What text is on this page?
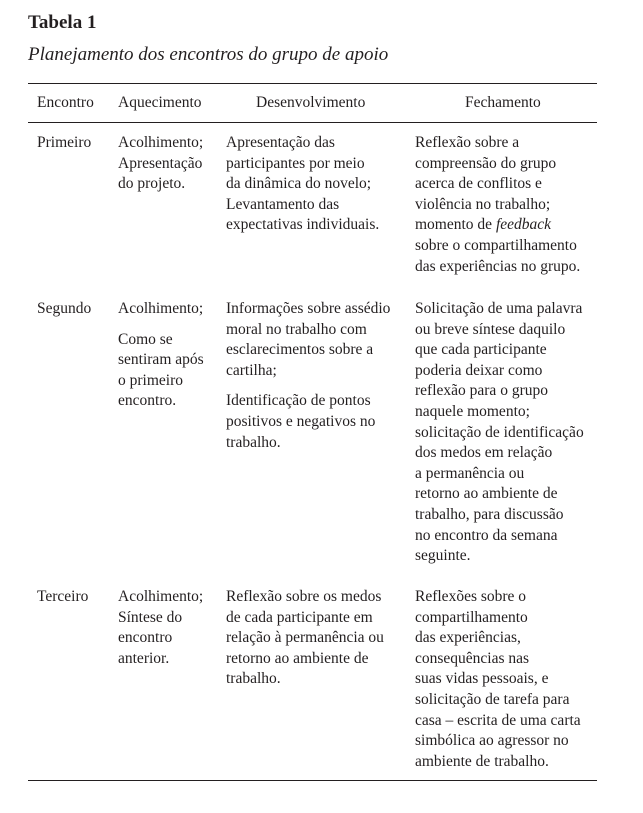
Tabela 1
Planejamento dos encontros do grupo de apoio
Encontro Aquecimento	Desenvolvimento	Fechamento
Primeiro Acolhimento;
Apresentação
do projeto.

Apresentação das
participantes por meio
da dinâmica do novelo;
Levantamento das
expectativas individuais.

Reflexão sobre a
compreensão do grupo
acerca de conflitos e
violência no trabalho;
momento de feedback
sobre o compartilhamento
das experiências no grupo.
Segundo Acolhimento;

Como se
sentiram após
o primeiro
encontro.

Informações sobre assédio
moral no trabalho com
esclarecimentos sobre a
cartilha;

Identificação de pontos
positivos e negativos no
trabalho.

Solicitação de uma palavra
ou breve síntese daquilo
que cada participante
poderia deixar como
reflexão para o grupo
naquele momento;
solicitação de identificação
dos medos em relação
a permanência ou
retorno ao ambiente de
trabalho, para discussão
no encontro da semana
seguinte.
Terceiro Acolhimento;
Síntese do
encontro
anterior.

Reflexão sobre os medos
de cada participante em
relação à permanência ou
retorno ao ambiente de
trabalho.

Reflexões sobre o
compartilhamento
das experiências,
consequências nas
suas vidas pessoais, e
solicitação de tarefa para
casa – escrita de uma carta
simbólica ao agressor no
ambiente de trabalho.
